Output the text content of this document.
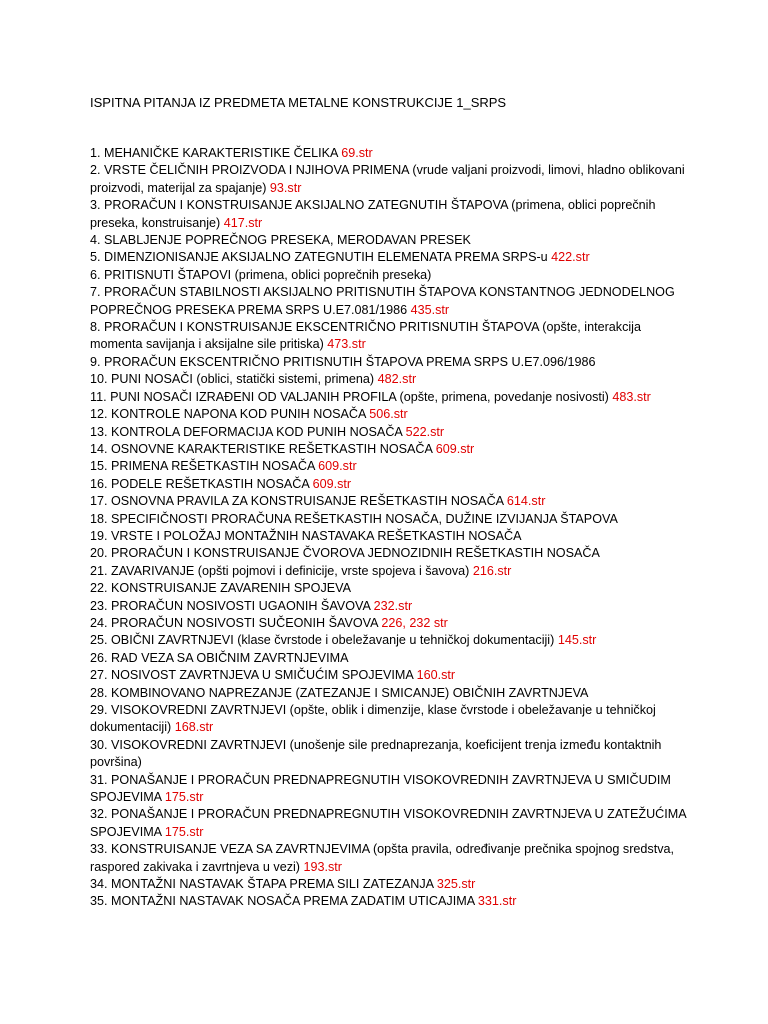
ISPITNA PITANJA IZ PREDMETA METALNE KONSTRUKCIJE 1_SRPS

1. MEHANIČKE KARAKTERISTIKE ČELIKA 69.str

2. VRSTE ČELIČNIH PROIZVODA I NJIHOVA PRIMENA (vrude valjani proizvodi, limovi, hladno oblikovani proizvodi, materijal za spajanje) 93.str

3. PRORAČUN I KONSTRUISANJE AKSIJALNO ZATEGNUTIH ŠTAPOVA (primena, oblici poprečnih preseka, konstruisanje) 417.str

4. SLABLJENJE POPREČNOG PRESEKA, MERODAVAN PRESEK

5. DIMENZIONISANJE AKSIJALNO ZATEGNUTIH ELEMENATA PREMA SRPS-u 422.str

6. PRITISNUTI ŠTAPOVI (primena, oblici poprečnih preseka)

7. PRORAČUN STABILNOSTI AKSIJALNO PRITISNUTIH ŠTAPOVA KONSTANTNOG JEDNODELNOG POPREČNOG PRESEKA PREMA SRPS U.E7.081/1986 435.str

8. PRORAČUN I KONSTRUISANJE EKSCENTRIČNO PRITISNUTIH ŠTAPOVA (opšte, interakcija momenta savijanja i aksijalne sile pritiska) 473.str

9. PRORAČUN EKSCENTRIČNO PRITISNUTIH ŠTAPOVA PREMA SRPS U.E7.096/1986

10. PUNI NOSAČI (oblici, statički sistemi, primena) 482.str

11. PUNI NOSAČI IZRAĐENI OD VALJANIH PROFILA (opšte, primena, povedanje nosivosti) 483.str

12. KONTROLE NAPONA KOD PUNIH NOSAČA 506.str

13. KONTROLA DEFORMACIJA KOD PUNIH NOSAČA 522.str

14. OSNOVNE KARAKTERISTIKE REŠETKASTIH NOSAČA 609.str

15. PRIMENA REŠETKASTIH NOSAČA 609.str

16. PODELE REŠETKASTIH NOSAČA 609.str

17. OSNOVNA PRAVILA ZA KONSTRUISANJE REŠETKASTIH NOSAČA 614.str

18. SPECIFIČNOSTI PRORAČUNA REŠETKASTIH NOSAČA, DUŽINE IZVIJANJA ŠTAPOVA

19. VRSTE I POLOŽAJ MONTAŽNIH NASTAVAKA REŠETKASTIH NOSAČA

20. PRORAČUN I KONSTRUISANJE ČVOROVA JEDNOZIDNIH REŠETKASTIH NOSAČA

21. ZAVARIVANJE (opšti pojmovi i definicije, vrste spojeva i šavova) 216.str

22. KONSTRUISANJE ZAVARENIH SPOJEVA

23. PRORAČUN NOSIVOSTI UGAONIH ŠAVOVA 232.str

24. PRORAČUN NOSIVOSTI SUČEONIH ŠAVOVA 226, 232 str

25. OBIČNI ZAVRTNJEVI (klase čvrstode i obeležavanje u tehničkoj dokumentaciji) 145.str

26. RAD VEZA SA OBIČNIM ZAVRTNJEVIMA

27. NOSIVOST ZAVRTNJEVA U SMIČUĆIM SPOJEVIMA 160.str

28. KOMBINOVANO NAPREZANJE (ZATEZANJE I SMICANJE) OBIČNIH ZAVRTNJEVA

29. VISOKOVREDNI ZAVRTNJEVI (opšte, oblik i dimenzije, klase čvrstode i obeležavanje u tehničkoj dokumentaciji) 168.str

30. VISOKOVREDNI ZAVRTNJEVI (unošenje sile prednaprezanja, koeficijent trenja između kontaktnih površina)

31. PONAŠANJE I PRORAČUN PREDNAPREGNUTIH VISOKOVREDNIH ZAVRTNJEVA U SMIČUDIM SPOJEVIMA 175.str

32. PONAŠANJE I PRORAČUN PREDNAPREGNUTIH VISOKOVREDNIH ZAVRTNJEVA U ZATEŽUĆIMA SPOJEVIMA 175.str

33. KONSTRUISANJE VEZA SA ZAVRTNJEVIMA (opšta pravila, određivanje prečnika spojnog sredstva, raspored zakivaka i zavrtnjeva u vezi) 193.str

34. MONTAŽNI NASTAVAK ŠTAPA PREMA SILI ZATEZANJA 325.str

35. MONTAŽNI NASTAVAK NOSAČA PREMA ZADATIM UTICAJIMA 331.str
